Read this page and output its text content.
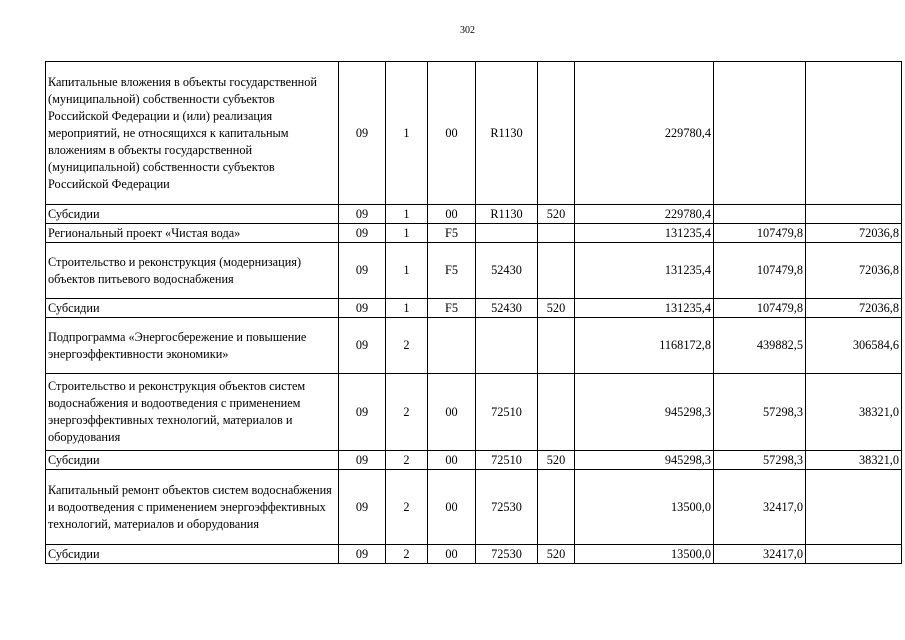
302
Капитальные вложения в объекты государственной (муниципальной) собственности субъектов Российской Федерации и (или) реализация мероприятий, не относящихся к капитальным вложениям в объекты государственной (муниципальной) собственности субъектов Российской Федерации	09	1	00	R1130		229780,4		
Субсидии	09	1	00	R1130	520	229780,4		
Региональный проект «Чистая вода»	09	1	F5			131235,4	107479,8	72036,8
Строительство и реконструкция (модернизация) объектов питьевого водоснабжения	09	1	F5	52430		131235,4	107479,8	72036,8
Субсидии	09	1	F5	52430	520	131235,4	107479,8	72036,8
Подпрограмма «Энергосбережение и повышение энергоэффективности экономики»	09	2				1168172,8	439882,5	306584,6
Строительство и реконструкция объектов систем водоснабжения и водоотведения с применением энергоэффективных технологий, материалов и оборудования	09	2	00	72510		945298,3	57298,3	38321,0
Субсидии	09	2	00	72510	520	945298,3	57298,3	38321,0
Капитальный ремонт объектов систем водоснабжения и водоотведения с применением энергоэффективных технологий, материалов и оборудования	09	2	00	72530		13500,0	32417,0	
Субсидии	09	2	00	72530	520	13500,0	32417,0	
